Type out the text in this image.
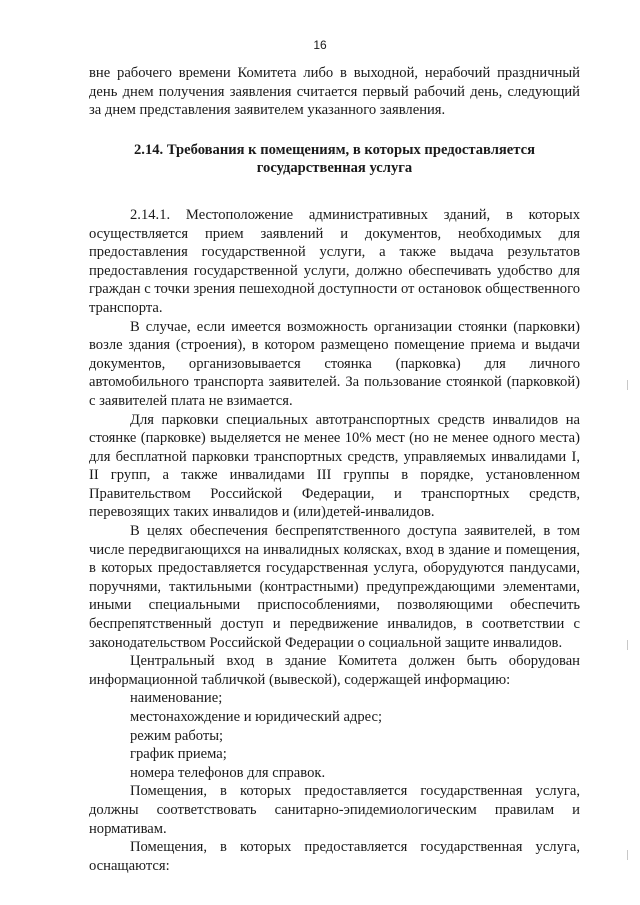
16

вне рабочего времени Комитета либо в выходной, нерабочий праздничный день днем получения заявления считается первый рабочий день, следующий за днем представления заявителем указанного заявления.

2.14. Требования к помещениям, в которых предоставляется государственная услуга

2.14.1. Местоположение административных зданий, в которых осуществляется прием заявлений и документов, необходимых для предоставления государственной услуги, а также выдача результатов предоставления государственной услуги, должно обеспечивать удобство для граждан с точки зрения пешеходной доступности от остановок общественного транспорта.

В случае, если имеется возможность организации стоянки (парковки) возле здания (строения), в котором размещено помещение приема и выдачи документов, организовывается стоянка (парковка) для личного автомобильного транспорта заявителей. За пользование стоянкой (парковкой) с заявителей плата не взимается.

Для парковки специальных автотранспортных средств инвалидов на стоянке (парковке) выделяется не менее 10% мест (но не менее одного места) для бесплатной парковки транспортных средств, управляемых инвалидами I, II групп, а также инвалидами III группы в порядке, установленном Правительством Российской Федерации, и транспортных средств, перевозящих таких инвалидов и (или)детей-инвалидов.

В целях обеспечения беспрепятственного доступа заявителей, в том числе передвигающихся на инвалидных колясках, вход в здание и помещения, в которых предоставляется государственная услуга, оборудуются пандусами, поручнями, тактильными (контрастными) предупреждающими элементами, иными специальными приспособлениями, позволяющими обеспечить беспрепятственный доступ и передвижение инвалидов, в соответствии с законодательством Российской Федерации о социальной защите инвалидов.

Центральный вход в здание Комитета должен быть оборудован информационной табличкой (вывеской), содержащей информацию:

наименование;

местонахождение и юридический адрес;

режим работы;

график приема;

номера телефонов для справок.

Помещения, в которых предоставляется государственная услуга, должны соответствовать санитарно-эпидемиологическим правилам и нормативам.

Помещения, в которых предоставляется государственная услуга, оснащаются:
